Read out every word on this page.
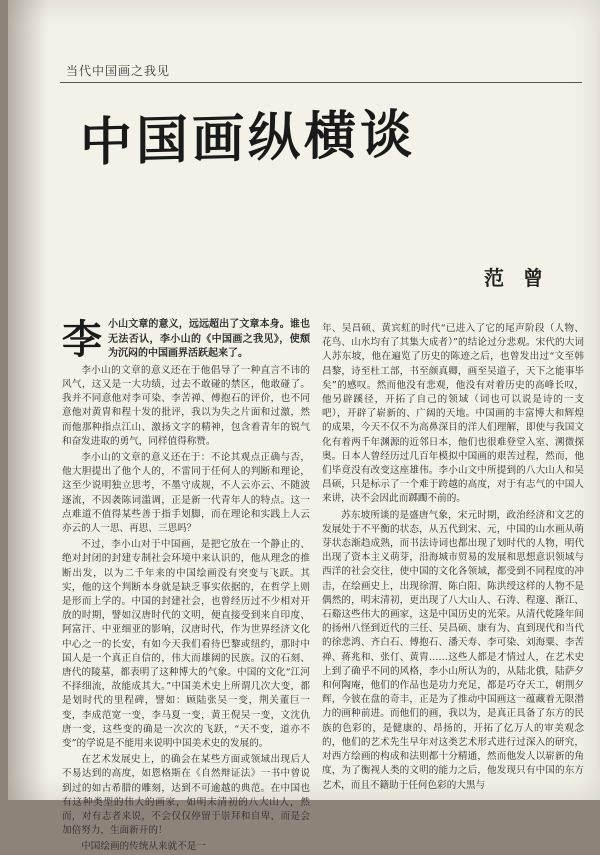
当代中国画之我见
中国画纵横谈
范 曾

李小山文章的意义，远远超出了文章本身。谁也无法否认，李小山的《中国画之我见》，使颓为沉闷的中国画界活跃起来了。

李小山的文章的意义还在于他倡导了一种直言不讳的风气，这又是一大功绩，过去不敢碰的禁区，他敢碰了。我并不同意他对李可染、李苦禅、傅抱石的评价，也不同意他对黄胄和程十发的批评，我以为失之片面和过激，然而他那种指点江山、激扬文字的精神，包含着青年的锐气和奋发进取的勇气，同样值得称赞。

李小山的文章的意义还在于：不论其观点正确与否，他大胆提出了他个人的，不雷同于任何人的判断和理论，这至少说明独立思考，不墨守成规，不人云亦云、不随波逐流，不因袭陈词滥调，正是新一代青年人的特点。这一点难道不值得某些善于指手划脚，而在理论和实践上人云亦云的人一思、再思、三思吗？

不过，李小山对于中国画，是把它放在一个静止的、绝对封闭的封建专制社会环境中来认识的，他从理念的推断出发，以为二千年来的中国绘画没有突变与飞跃。其实，他的这个判断本身就是缺乏事实依据的，在哲学上则是形而上学的。中国的封建社会，也曾经历过不少相对开放的时期，譬如汉唐时代的文明，便直接受到来自印度、阿富汗、中亚细亚的影响，汉唐时代，作为世界经济文化中心之一的长安，有如今天我们看待巴黎或纽约，那时中国人是一个真正自信的，伟大而雄阔的民族。汉的石刻、唐代的陵墓，都表明了这种博大的气象。中国的文化“江河不择细流，故能成其大。”中国美术史上所谓几次大变，都是划时代的里程碑，譬如：顾陆张吴一变，荆关董巨一变，李成范宽一变，李马夏一变，黄王倪吴一变，文沈仇唐一变，这些变的确是一次次的飞跃，“天不变，道亦不变”的学说是不能用来说明中国美术史的发展的。

在艺术发展史上，的确会在某些方面或领域出现后人不易达到的高度，如恩格斯在《自然辩证法》一书中曾说到过的如古希腊的雕刻，达到不可逾越的典范。在中国也有这种类型的伟大的画家，如明末清初的八大山人，然而，对有志者来说，不会仅仅停留于崇拜和自卑，而是会加倍努力，生面新开的！

中国绘画的传统从来就不是一

年、吴昌硕、黄宾虹的时代“已进入了它的尾声阶段（人物、花鸟、山水均有了其集大成者）”的结论过分悲观。宋代的大词人苏东坡，他在遍览了历史的陈迹之后，也曾发出过“文至韩昌黎，诗至杜工部，书至颜真卿，画至吴道子，天下之能事毕矣”的感叹。然而他没有悲观，他没有对着历史的高峰长叹，他另辟蹊径，开拓了自己的领域（词也可以说是诗的一支吧），开辟了崭新的、广阔的天地。中国画的丰富博大和辉煌的成果，今天不仅不为高鼻深目的洋人们理解，即使与我国文化有着两千年渊源的近邻日本，他们也很难登堂入室、溯微探奥。日本人曾经历过几百年模拟中国画的艰苦过程，然而，他们毕竟没有改变这座雄伟。李小山文中所提到的八大山人和吴昌硕，只是标示了一个难于跨越的高度，对于有志气的中国人来讲，决不会因此而踯躅不前的。

苏东坡所谈的是盛唐气象，宋元时期，政治经济和文艺的发展处于不平衡的状态，从五代到宋、元，中国的山水画从萌芽状态渐趋成熟，而书法诗词也都出现了划时代的人物，明代出现了资本主义萌芽，沿海城市贸易的发展和思想意识领域与西洋的社会交往，使中国的文化各领域，都受到不同程度的冲击，在绘画史上，出现徐渭、陈白阳、陈洪绶这样的人物不是偶然的，明末清初，更出现了八大山人、石涛、程邃、渐江、石谿这些伟大的画家，这是中国历史的光荣。从清代乾隆年间的扬州八怪到近代的三任、吴昌硕、康有为、直到现代和当代的徐悲鸿、齐白石、傅抱石、潘天寿、李可染、刘海粟、李苦禅、蒋兆和、张仃、黄胄……这些人都是才情过人，在艺术史上到了确乎不同的风格，李小山所认为的，从陆北俄，陆萨夕和何陶庵，他们的作品也是功力充足，都是巧夺天工，朝荆夕辉，今彼在盘的奇丰，正是为了推动中国画这一蕴藏着无限潜力的画种前进。而他们的画，我以为，是真正具备了东方的民族的色彩的，是健康的、昂扬的，开拓了亿万人的审美观念的，他们的艺术先生早年对这类艺术形式进行过深入的研究，对西方绘画的构成和法则都十分精通，然而他发人以崭新的角度，为了衡视人类的文明的能力之后，他发现只有中国的东方艺术，而且不籍助于任何色彩的大黑与
